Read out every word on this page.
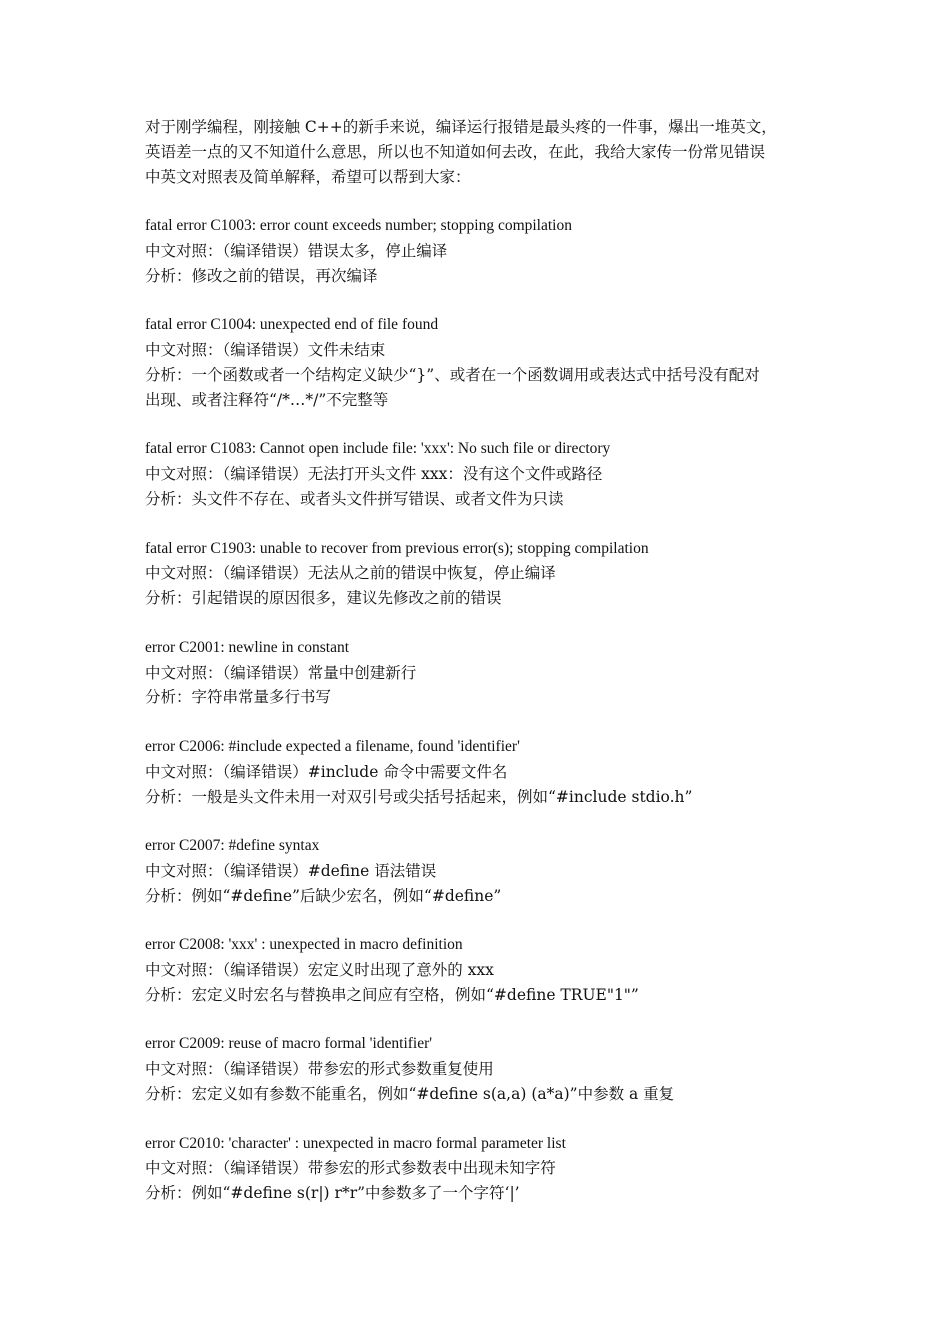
对于刚学编程，刚接触 C++的新手来说，编译运行报错是最头疼的一件事，爆出一堆英文，
英语差一点的又不知道什么意思，所以也不知道如何去改，在此，我给大家传一份常见错误
中英文对照表及简单解释，希望可以帮到大家：
fatal error C1003: error count exceeds number; stopping compilation
中文对照：（编译错误）错误太多，停止编译
分析：修改之前的错误，再次编译
fatal error C1004: unexpected end of file found
中文对照：（编译错误）文件未结束
分析：一个函数或者一个结构定义缺少“}”、或者在一个函数调用或表达式中括号没有配对
出现、或者注释符“/*…*/”不完整等
fatal error C1083: Cannot open include file: 'xxx': No such file or directory
中文对照：（编译错误）无法打开头文件 xxx：没有这个文件或路径
分析：头文件不存在、或者头文件拼写错误、或者文件为只读
fatal error C1903: unable to recover from previous error(s); stopping compilation
中文对照：（编译错误）无法从之前的错误中恢复，停止编译
分析：引起错误的原因很多，建议先修改之前的错误
error C2001: newline in constant
中文对照：（编译错误）常量中创建新行
分析：字符串常量多行书写
error C2006: #include expected a filename, found 'identifier'
中文对照：（编译错误）#include 命令中需要文件名
分析：一般是头文件未用一对双引号或尖括号括起来，例如“#include stdio.h”
error C2007: #define syntax
中文对照：（编译错误）#define 语法错误
分析：例如“#define”后缺少宏名，例如“#define”
error C2008: 'xxx' : unexpected in macro definition
中文对照：（编译错误）宏定义时出现了意外的 xxx
分析：宏定义时宏名与替换串之间应有空格，例如“#define TRUE"1"”
error C2009: reuse of macro formal 'identifier'
中文对照：（编译错误）带参宏的形式参数重复使用
分析：宏定义如有参数不能重名，例如“#define s(a,a) (a*a)”中参数 a 重复
error C2010: 'character' : unexpected in macro formal parameter list
中文对照：（编译错误）带参宏的形式参数表中出现未知字符
分析：例如“#define s(r|) r*r”中参数多了一个字符‘|’
